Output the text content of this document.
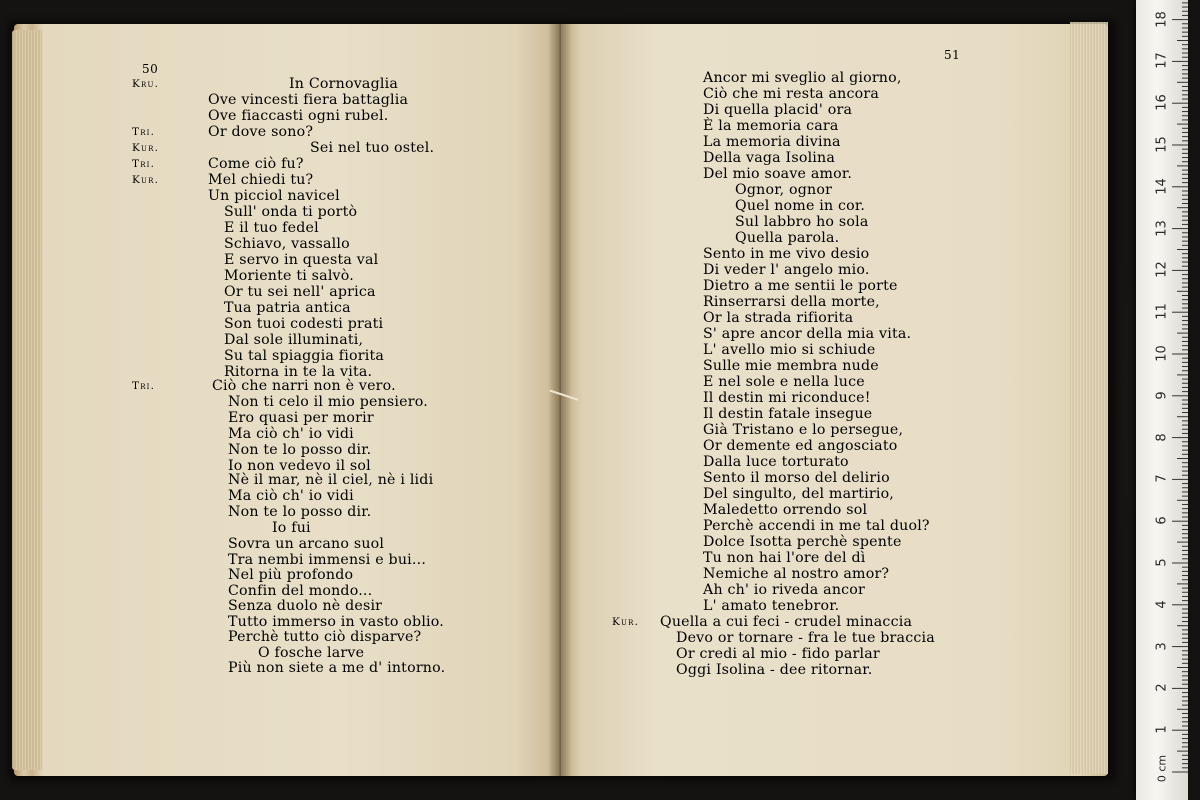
50
51
Kru.	In Cornovaglia
Ove vincesti fiera battaglia
Ove fiaccasti ogni rubel.
Tri.	Or dove sono?
Kur.	Sei nel tuo ostel.
Tri.	Come ciò fu?
Kur.	Mel chiedi tu?
Un picciol navicel
Sull' onda ti portò
E il tuo fedel
Schiavo, vassallo
E servo in questa val
Moriente ti salvò.
Or tu sei nell' aprica
Tua patria antica
Son tuoi codesti prati
Dal sole illuminati,
Su tal spiaggia fiorita
Ritorna in te la vita.
Tri.	Ciò che narri non è vero.
Non ti celo il mio pensiero.
Ero quasi per morir
Ma ciò ch' io vidi
Non te lo posso dir.
Io non vedevo il sol
Nè il mar, nè il ciel, nè i lidi
Ma ciò ch' io vidi
Non te lo posso dir.
Io fui
Sovra un arcano suol
Tra nembi immensi e bui...
Nel più profondo
Confin del mondo...
Senza duolo nè desir
Tutto immerso in vasto oblio.
Perchè tutto ciò disparve?
O fosche larve
Più non siete a me d' intorno.
Ancor mi sveglio al giorno,
Ciò che mi resta ancora
Di quella placid' ora
È la memoria cara
La memoria divina
Della vaga Isolina
Del mio soave amor.
Ognor, ognor
Quel nome in cor.
Sul labbro ho sola
Quella parola.
Sento in me vivo desio
Di veder l' angelo mio.
Dietro a me sentii le porte
Rinserrarsi della morte,
Or la strada rifiorita
S' apre ancor della mia vita.
L' avello mio si schiude
Sulle mie membra nude
E nel sole e nella luce
Il destin mi riconduce!
Il destin fatale insegue
Già Tristano e lo persegue,
Or demente ed angosciato
Dalla luce torturato
Sento il morso del delirio
Del singulto, del martirio,
Maledetto orrendo sol
Perchè accendi in me tal duol?
Dolce Isotta perchè spente
Tu non hai l'ore del dì
Nemiche al nostro amor?
Ah ch' io riveda ancor
L' amato tenebror.
Kur. Quella a cui feci - crudel minaccia
Devo or tornare - fra le tue braccia
Or credi al mio - fido parlar
Oggi Isolina - dee ritornar.
0 cm
1
2
3
4
5
6
7
8
9
10
11
12
13
14
15
16
17
18
